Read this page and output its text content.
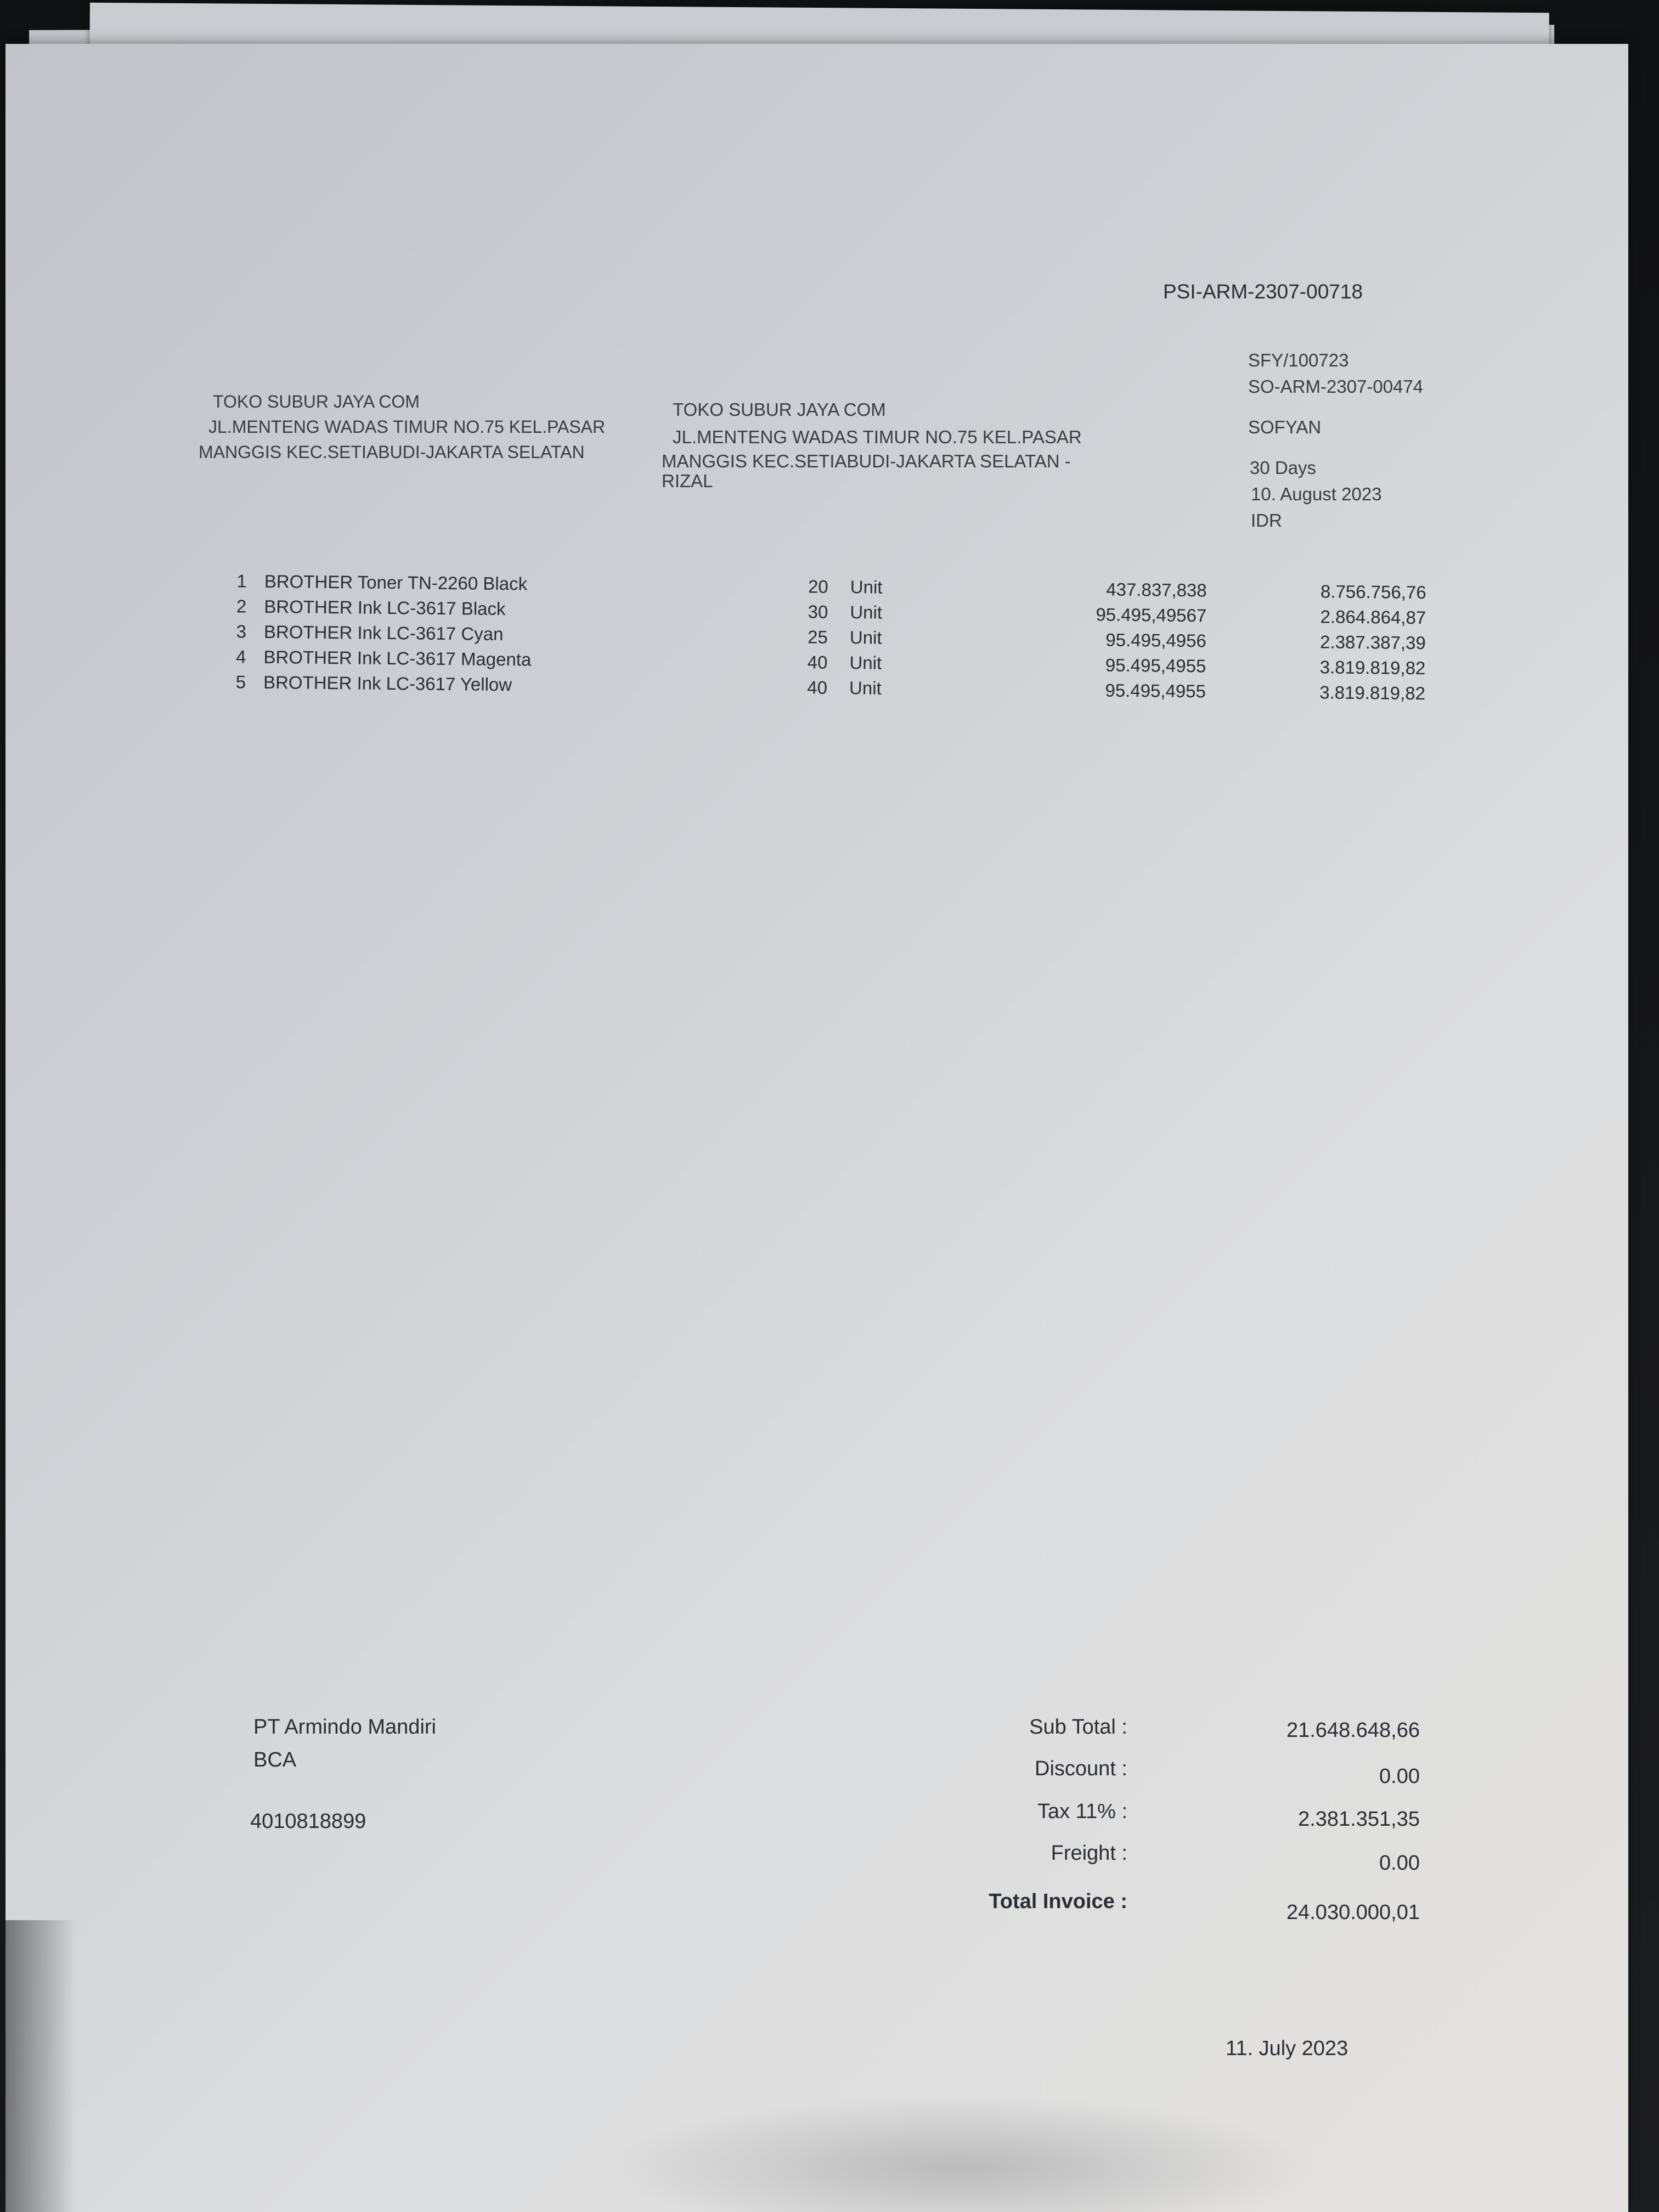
PSI-ARM-2307-00718
SFY/100723
SO-ARM-2307-00474
SOFYAN
30 Days
10. August 2023
IDR
TOKO SUBUR JAYA COM
JL.MENTENG WADAS TIMUR NO.75 KEL.PASAR
MANGGIS KEC.SETIABUDI-JAKARTA SELATAN
TOKO SUBUR JAYA COM
JL.MENTENG WADAS TIMUR NO.75 KEL.PASAR
MANGGIS KEC.SETIABUDI-JAKARTA SELATAN -
RIZAL
1 BROTHER Toner TN-2260 Black	20 Unit	437.837,838	8.756.756,76
2 BROTHER Ink LC-3617 Black	30 Unit	95.495,49567	2.864.864,87
3 BROTHER Ink LC-3617 Cyan	25 Unit	95.495,4956	2.387.387,39
4 BROTHER Ink LC-3617 Magenta	40 Unit	95.495,4955	3.819.819,82
5 BROTHER Ink LC-3617 Yellow	40 Unit	95.495,4955	3.819.819,82
PT Armindo Mandiri
BCA
4010818899
Sub Total :	21.648.648,66
Discount :	0.00
Tax 11% :	2.381.351,35
Freight :	0.00
Total Invoice :	24.030.000,01
11. July 2023
